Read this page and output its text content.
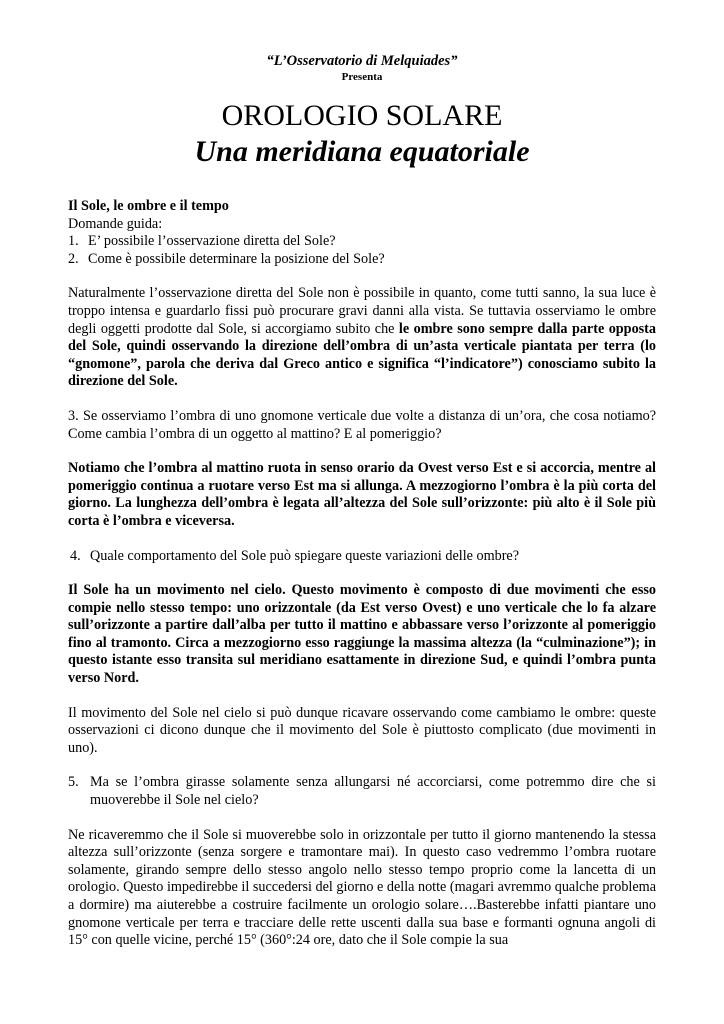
“L’Osservatorio di Melquiades”

Presenta

OROLOGIO SOLARE
Una meridiana equatoriale

Il Sole, le ombre e il tempo

Domande guida:

1. E’ possibile l’osservazione diretta del Sole?
2. Come è possibile determinare la posizione del Sole?
Naturalmente l’osservazione diretta del Sole non è possibile in quanto, come tutti sanno, la sua luce è troppo intensa e guardarlo fissi può procurare gravi danni alla vista. Se tuttavia osserviamo le ombre degli oggetti prodotte dal Sole, si accorgiamo subito che le ombre sono sempre dalla parte opposta del Sole, quindi osservando la direzione dell’ombra di un’asta verticale piantata per terra (lo “gnomone”, parola che deriva dal Greco antico e significa “l’indicatore”) conosciamo subito la direzione del Sole.
3. Se osserviamo l’ombra di uno gnomone verticale due volte a distanza di un’ora, che cosa notiamo? Come cambia l’ombra di un oggetto al mattino? E al pomeriggio?
Notiamo che l’ombra al mattino ruota in senso orario da Ovest verso Est e si accorcia, mentre al pomeriggio continua a ruotare verso Est ma si allunga. A mezzogiorno l’ombra è la più corta del giorno. La lunghezza dell’ombra è legata all’altezza del Sole sull’orizzonte: più alto è il Sole più corta è l’ombra e viceversa.
4. Quale comportamento del Sole può spiegare queste variazioni delle ombre?
Il Sole ha un movimento nel cielo. Questo movimento è composto di due movimenti che esso compie nello stesso tempo: uno orizzontale (da Est verso Ovest) e uno verticale che lo fa alzare sull’orizzonte a partire dall’alba per tutto il mattino e abbassare verso l’orizzonte al pomeriggio fino al tramonto. Circa a mezzogiorno esso raggiunge la massima altezza (la “culminazione”); in questo istante esso transita sul meridiano esattamente in direzione Sud, e quindi l’ombra punta verso Nord.
Il movimento del Sole nel cielo si può dunque ricavare osservando come cambiamo le ombre: queste osservazioni ci dicono dunque che il movimento del Sole è piuttosto complicato (due movimenti in uno).
5. Ma se l’ombra girasse solamente senza allungarsi né accorciarsi, come potremmo dire che si muoverebbe il Sole nel cielo?
Ne ricaveremmo che il Sole si muoverebbe solo in orizzontale per tutto il giorno mantenendo la stessa altezza sull’orizzonte (senza sorgere e tramontare mai). In questo caso vedremmo l’ombra ruotare solamente, girando sempre dello stesso angolo nello stesso tempo proprio come la lancetta di un orologio. Questo impedirebbe il succedersi del giorno e della notte (magari avremmo qualche problema a dormire) ma aiuterebbe a costruire facilmente un orologio solare….Basterebbe infatti piantare uno gnomone verticale per terra e tracciare delle rette uscenti dalla sua base e formanti ognuna angoli di 15° con quelle vicine, perché 15° (360°:24 ore, dato che il Sole compie la sua
